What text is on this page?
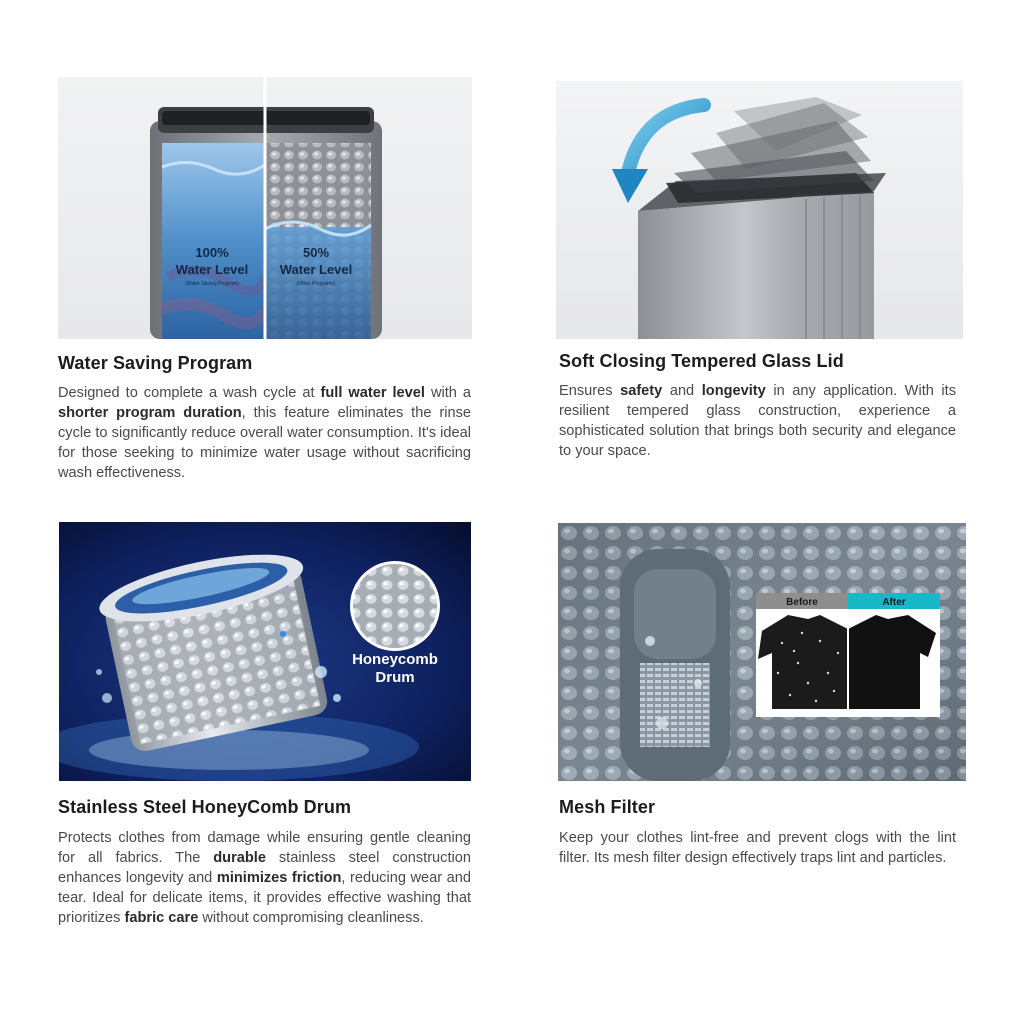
100%
Water Level
(Water Saving Program)
50%
Water Level
(Other Programs)
Water Saving Program
Designed to complete a wash cycle at full water level with a shorter program duration, this feature eliminates the rinse cycle to significantly reduce overall water consumption. It's ideal for those seeking to minimize water usage without sacrificing wash effectiveness.
Soft Closing Tempered Glass Lid
Ensures safety and longevity in any application. With its resilient tempered glass construction, experience a sophisticated solution that brings both security and elegance to your space.
Honeycomb
Drum
Stainless Steel HoneyComb Drum
Protects clothes from damage while ensuring gentle cleaning for all fabrics. The durable stainless steel construction enhances longevity and minimizes friction, reducing wear and tear. Ideal for delicate items, it provides effective washing that prioritizes fabric care without compromising cleanliness.
Before	After
Mesh Filter
Keep your clothes lint-free and prevent clogs with the lint filter. Its mesh filter design effectively traps lint and particles.
